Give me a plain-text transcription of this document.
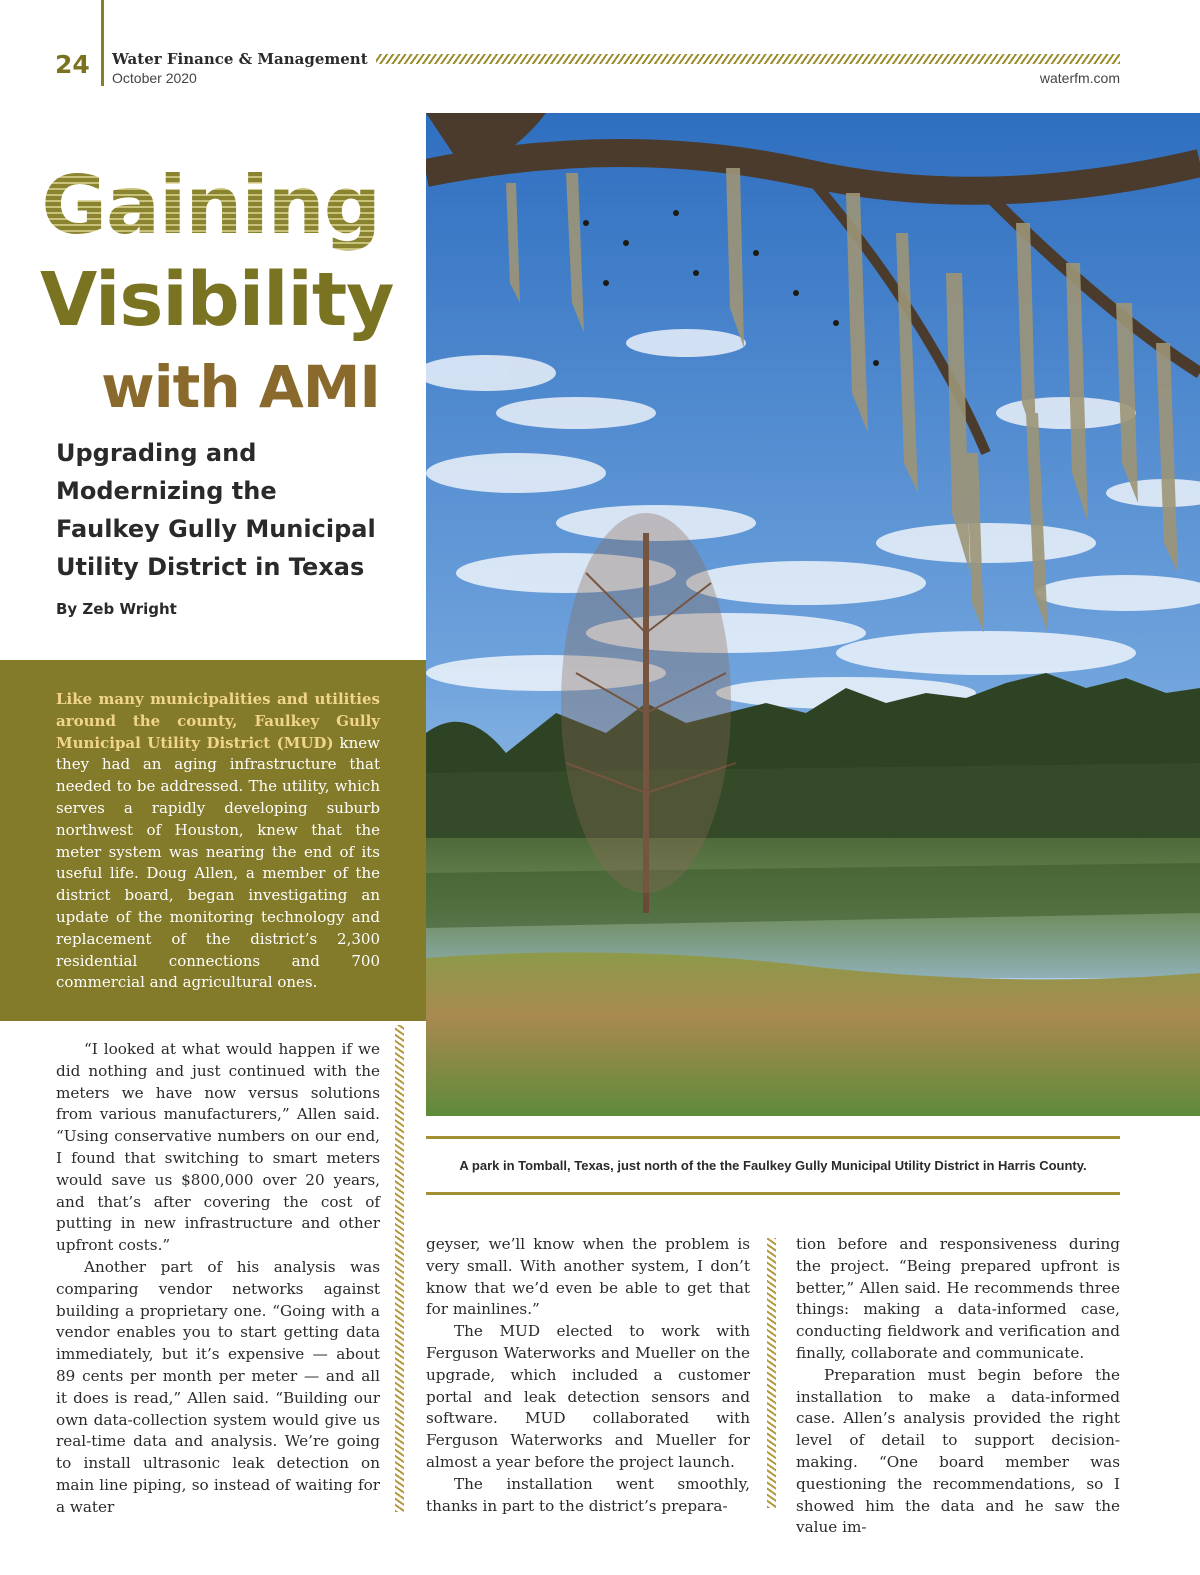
24 Water Finance & Management
October 2020	waterfm.com
Gaining
Visibility
with AMI
Upgrading and Modernizing the Faulkey Gully Municipal Utility District in Texas
By Zeb Wright
Like many municipalities and utilities around the county, Faulkey Gully Municipal Utility District (MUD) knew they had an aging infrastructure that needed to be addressed. The utility, which serves a rapidly developing suburb northwest of Houston, knew that the meter system was nearing the end of its useful life. Doug Allen, a member of the district board, began investigating an update of the monitoring technology and replacement of the district’s 2,300 residential connections and 700 commercial and agricultural ones.
A park in Tomball, Texas, just north of the the Faulkey Gully Municipal Utility District in Harris County.

“I looked at what would happen if we did nothing and just continued with the meters we have now versus solutions from various manufacturers,” Allen said. “Using conservative numbers on our end, I found that switching to smart meters would save us $800,000 over 20 years, and that’s after covering the cost of putting in new infrastructure and other upfront costs.”

Another part of his analysis was comparing vendor networks against building a proprietary one. “Going with a vendor enables you to start getting data immediately, but it’s expensive — about 89 cents per month per meter — and all it does is read,” Allen said. “Building our own data-collection system would give us real-time data and analysis. We’re going to install ultrasonic leak detection on main line piping, so instead of waiting for a water

geyser, we’ll know when the problem is very small. With another system, I don’t know that we’d even be able to get that for mainlines.”

The MUD elected to work with Ferguson Waterworks and Mueller on the upgrade, which included a customer portal and leak detection sensors and software. MUD collaborated with Ferguson Waterworks and Mueller for almost a year before the project launch.

The installation went smoothly, thanks in part to the district’s prepara-

tion before and responsiveness during the project. “Being prepared upfront is better,” Allen said. He recommends three things: making a data-informed case, conducting fieldwork and verification and finally, collaborate and communicate.

Preparation must begin before the installation to make a data-informed case. Allen’s analysis provided the right level of detail to support decision-making. “One board member was questioning the recommendations, so I showed him the data and he saw the value im-
